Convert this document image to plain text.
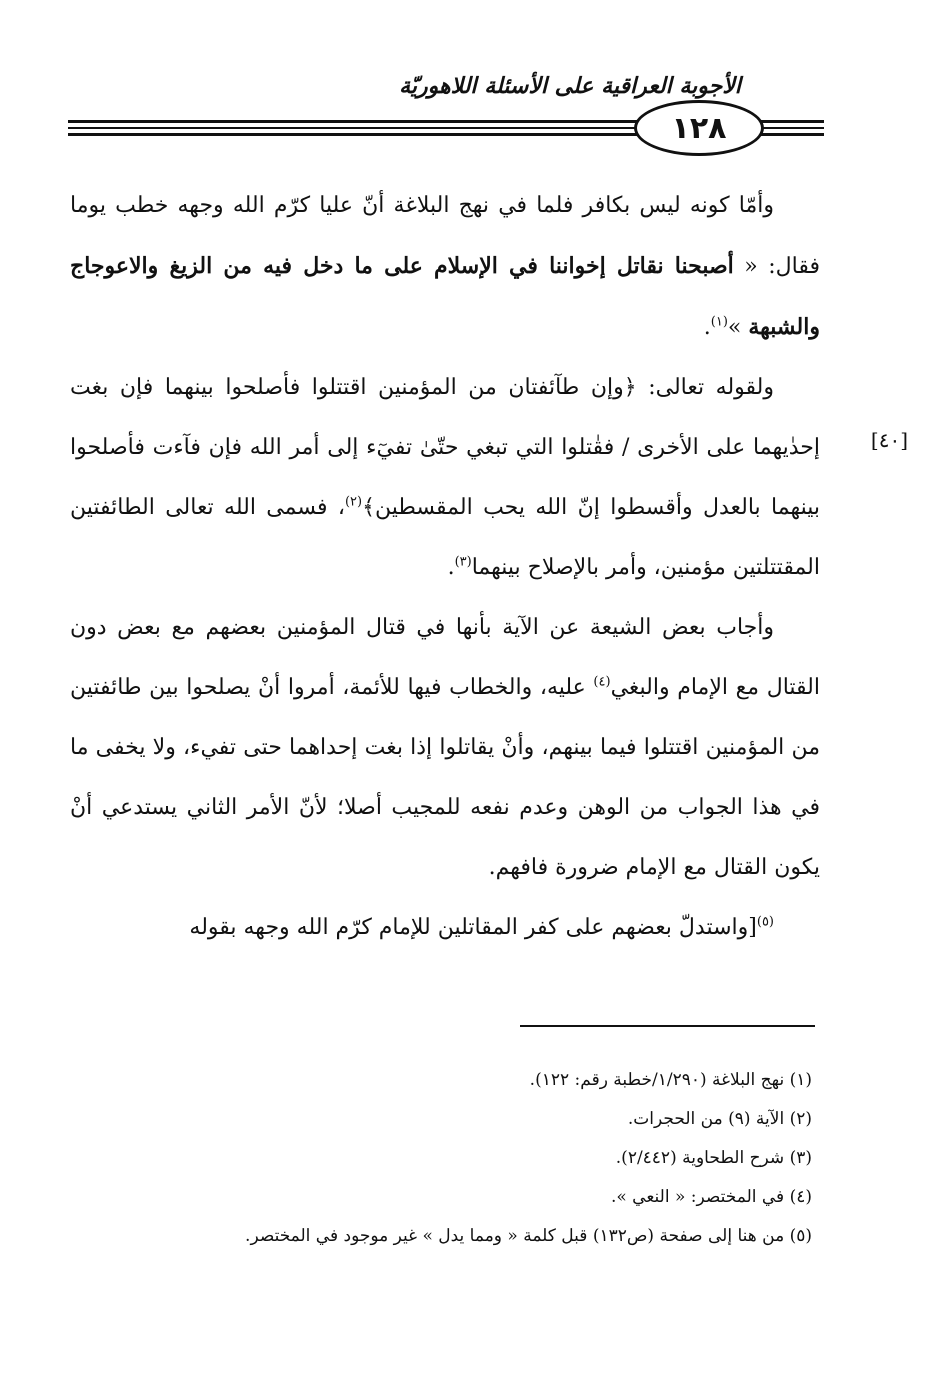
الأجوبة العراقية على الأسئلة اللاهوريّة
١٢٨
[٤٠]

وأمّا كونه ليس بكافر فلما في نهج البلاغة أنّ عليا كرّم الله وجهه خطب يوما فقال: « أصبحنا نقاتل إخواننا في الإسلام على ما دخل فيه من الزيغ والاعوجاج والشبهة »$^{(١)}$.

ولقوله تعالى: ﴿وإن طآئفتان من المؤمنين اقتتلوا فأصلحوا بينهما فإن بغت إحدٰيهما على الأخرى / فقٰتلوا التي تبغي حتّىٰ تفيٓء إلى أمر الله فإن فآءت فأصلحوا بينهما بالعدل وأقسطوا إنّ الله يحب المقسطين﴾$^{(٢)}$، فسمى الله تعالى الطائفتين المقتتلتين مؤمنين، وأمر بالإصلاح بينهما$^{(٣)}$.

وأجاب بعض الشيعة عن الآية بأنها في قتال المؤمنين بعضهم مع بعض دون القتال مع الإمام والبغي$^{(٤)}$ عليه، والخطاب فيها للأئمة، أمروا أنْ يصلحوا بين طائفتين من المؤمنين اقتتلوا فيما بينهم، وأنْ يقاتلوا إذا بغت إحداهما حتى تفيء، ولا يخفى ما في هذا الجواب من الوهن وعدم نفعه للمجيب أصلا؛ لأنّ الأمر الثاني يستدعي أنْ يكون القتال مع الإمام ضرورة فافهم.

$^{(٥)}$[واستدلّ بعضهم على كفر المقاتلين للإمام كرّم الله وجهه بقوله

(١) نهج البلاغة (١/٢٩٠/خطبة رقم: ١٢٢).

(٢) الآية (٩) من الحجرات.

(٣) شرح الطحاوية (٢/٤٤٢).

(٤) في المختصر: « النعي ».

(٥) من هنا إلى صفحة (ص١٣٢) قبل كلمة « ومما يدل » غير موجود في المختصر.
